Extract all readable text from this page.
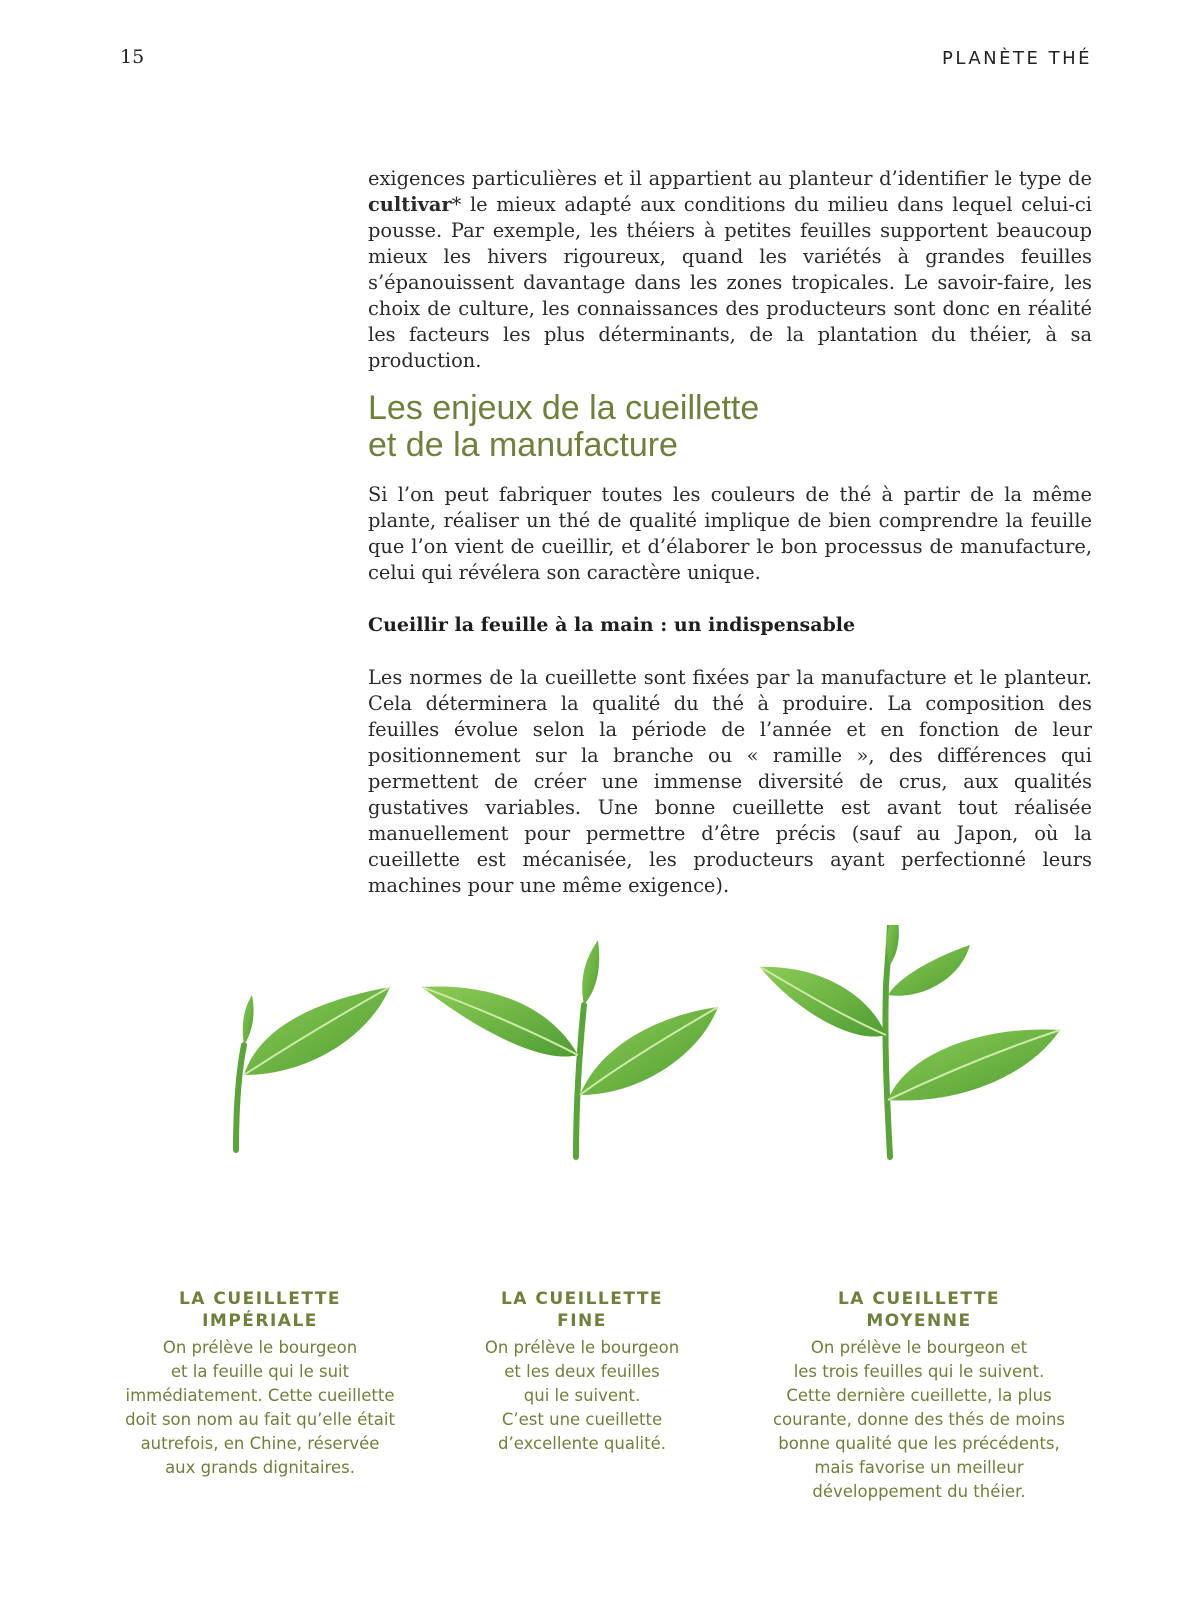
15	PLANÈTE THÉ

exigences particulières et il appartient au planteur d’identifier le type de cultivar* le mieux adapté aux conditions du milieu dans lequel celui-ci pousse. Par exemple, les théiers à petites feuilles supportent beaucoup mieux les hivers rigoureux, quand les variétés à grandes feuilles s’épanouissent davantage dans les zones tropicales. Le savoir-faire, les choix de culture, les connaissances des producteurs sont donc en réalité les facteurs les plus déterminants, de la plantation du théier, à sa production.

Les enjeux de la cueillette
et de la manufacture

Si l’on peut fabriquer toutes les couleurs de thé à partir de la même plante, réaliser un thé de qualité implique de bien comprendre la feuille que l’on vient de cueillir, et d’élaborer le bon processus de manufacture, celui qui révélera son caractère unique.

Cueillir la feuille à la main : un indispensable

Les normes de la cueillette sont fixées par la manufacture et le planteur. Cela déterminera la qualité du thé à produire. La composition des feuilles évolue selon la période de l’année et en fonction de leur positionnement sur la branche ou « ramille », des différences qui permettent de créer une immense diversité de crus, aux qualités gustatives variables. Une bonne cueillette est avant tout réalisée manuellement pour permettre d’être précis (sauf au Japon, où la cueillette est mécanisée, les producteurs ayant perfectionné leurs machines pour une même exigence).

LA CUEILLETTE
IMPÉRIALE
On prélève le bourgeon
et la feuille qui le suit
immédiatement. Cette cueillette
doit son nom au fait qu’elle était
autrefois, en Chine, réservée
aux grands dignitaires.
LA CUEILLETTE
FINE
On prélève le bourgeon
et les deux feuilles
qui le suivent.
C’est une cueillette
d’excellente qualité.
LA CUEILLETTE
MOYENNE
On prélève le bourgeon et
les trois feuilles qui le suivent.
Cette dernière cueillette, la plus
courante, donne des thés de moins
bonne qualité que les précédents,
mais favorise un meilleur
développement du théier.
